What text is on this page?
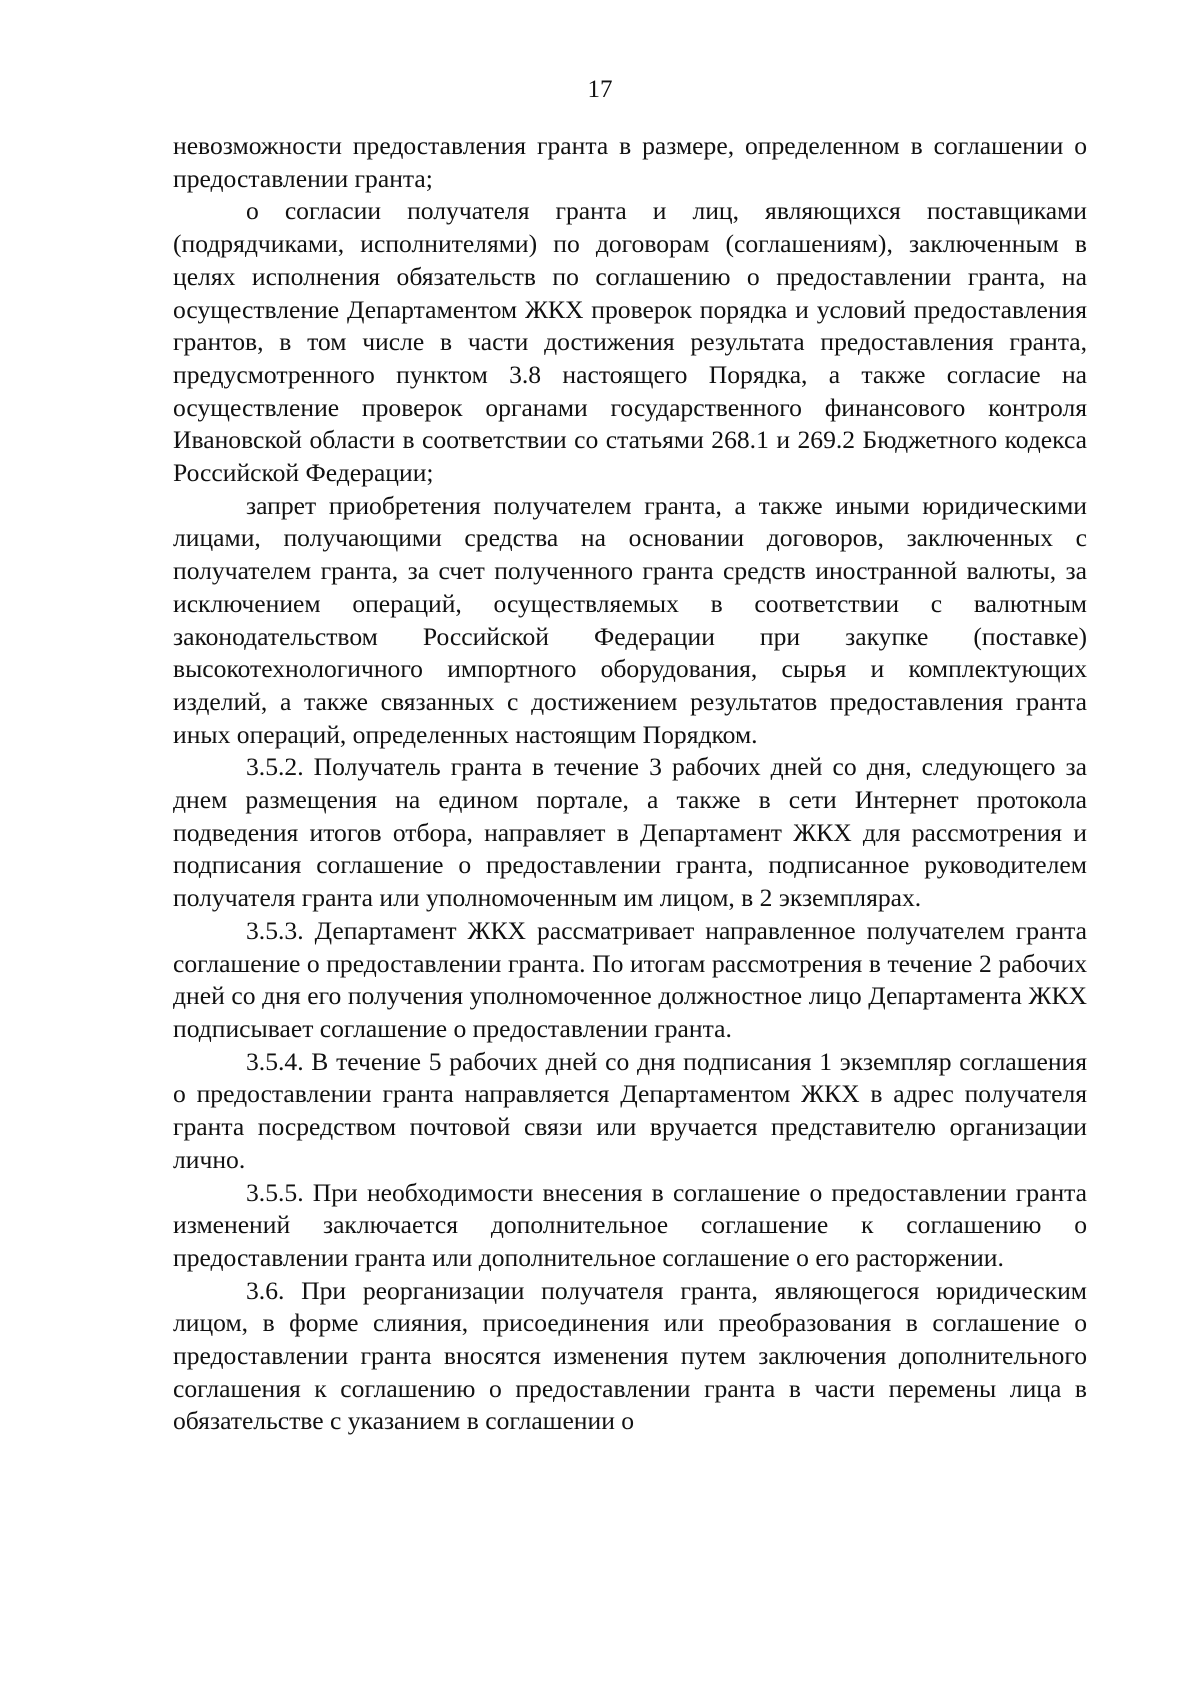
17

невозможности предоставления гранта в размере, определенном в соглашении о предоставлении гранта;

о согласии получателя гранта и лиц, являющихся поставщиками (подрядчиками, исполнителями) по договорам (соглашениям), заключенным в целях исполнения обязательств по соглашению о предоставлении гранта, на осуществление Департаментом ЖКХ проверок порядка и условий предоставления грантов, в том числе в части достижения результата предоставления гранта, предусмотренного пунктом 3.8 настоящего Порядка, а также согласие на осуществление проверок органами государственного финансового контроля Ивановской области в соответствии со статьями 268.1 и 269.2 Бюджетного кодекса Российской Федерации;

запрет приобретения получателем гранта, а также иными юридическими лицами, получающими средства на основании договоров, заключенных с получателем гранта, за счет полученного гранта средств иностранной валюты, за исключением операций, осуществляемых в соответствии с валютным законодательством Российской Федерации при закупке (поставке) высокотехнологичного импортного оборудования, сырья и комплектующих изделий, а также связанных с достижением результатов предоставления гранта иных операций, определенных настоящим Порядком.

3.5.2. Получатель гранта в течение 3 рабочих дней со дня, следующего за днем размещения на едином портале, а также в сети Интернет протокола подведения итогов отбора, направляет в Департамент ЖКХ для рассмотрения и подписания соглашение о предоставлении гранта, подписанное руководителем получателя гранта или уполномоченным им лицом, в 2 экземплярах.

3.5.3. Департамент ЖКХ рассматривает направленное получателем гранта соглашение о предоставлении гранта. По итогам рассмотрения в течение 2 рабочих дней со дня его получения уполномоченное должностное лицо Департамента ЖКХ подписывает соглашение о предоставлении гранта.

3.5.4. В течение 5 рабочих дней со дня подписания 1 экземпляр соглашения о предоставлении гранта направляется Департаментом ЖКХ в адрес получателя гранта посредством почтовой связи или вручается представителю организации лично.

3.5.5. При необходимости внесения в соглашение о предоставлении гранта изменений заключается дополнительное соглашение к соглашению о предоставлении гранта или дополнительное соглашение о его расторжении.

3.6. При реорганизации получателя гранта, являющегося юридическим лицом, в форме слияния, присоединения или преобразования в соглашение о предоставлении гранта вносятся изменения путем заключения дополнительного соглашения к соглашению о предоставлении гранта в части перемены лица в обязательстве с указанием в соглашении о
